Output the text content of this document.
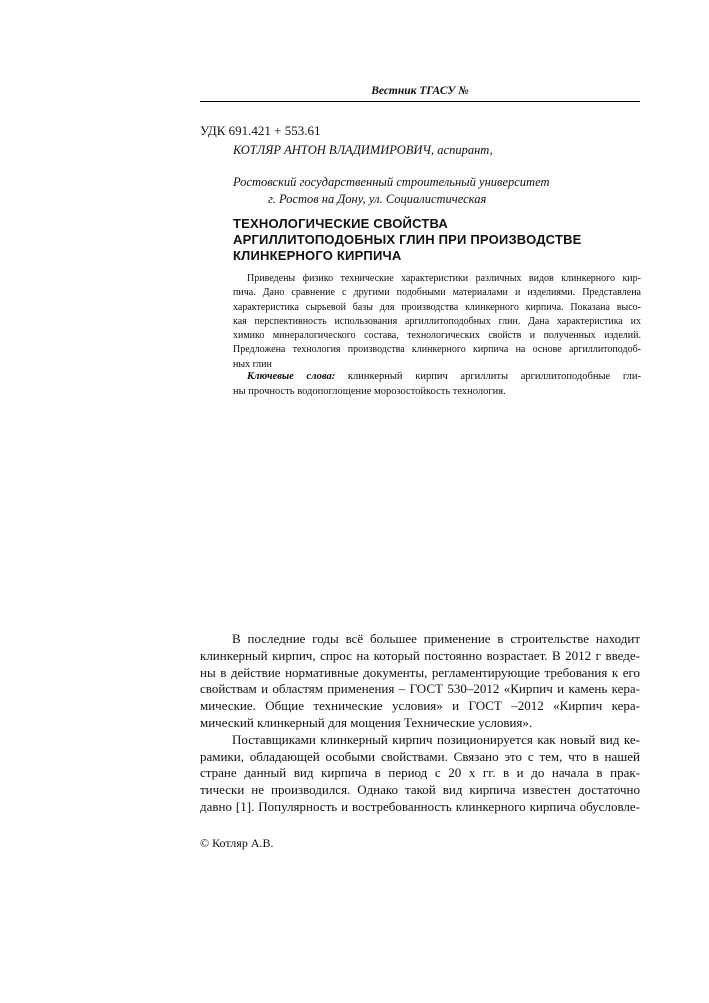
Вестник ТГАСУ №
УДК 691.421 + 553.61
КОТЛЯР АНТОН ВЛАДИМИРОВИЧ, аспирант,
Ростовский государственный строительный университет
г. Ростов на Дону, ул. Социалистическая
ТЕХНОЛОГИЧЕСКИЕ СВОЙСТВА
АРГИЛЛИТОПОДОБНЫХ ГЛИН ПРИ ПРОИЗВОДСТВЕ
КЛИНКЕРНОГО КИРПИЧА
Приведены физико технические характеристики различных видов клинкерного кир-
пича. Дано сравнение с другими подобными материалами и изделиями. Представлена
характеристика сырьевой базы для производства клинкерного кирпича. Показана высо-
кая перспективность использования аргиллитоподобных глин. Дана характеристика их
химико минералогического состава, технологических свойств и полученных изделий.
Предложена технология производства клинкерного кирпича на основе аргиллитоподоб-
ных глин
Ключевые слова: клинкерный кирпич аргиллиты аргиллитоподобные гли-
ны прочность водопоглощение морозостойкость технология.
В последние годы всё большее применение в строительстве находит
клинкерный кирпич, спрос на который постоянно возрастает. В 2012 г введе-
ны в действие нормативные документы, регламентирующие требования к его
свойствам и областям применения – ГОСТ 530–2012 «Кирпич и камень керa-
мические. Общие технические условия» и ГОСТ –2012 «Кирпич кера-
мический клинкерный для мощения Технические условия».
Поставщиками клинкерный кирпич позиционируется как новый вид ке-
рамики, обладающей особыми свойствами. Связано это с тем, что в нашей
стране данный вид кирпича в период с 20 х гг. в и до начала в прак-
тически не производился. Однако такой вид кирпича известен достаточно
давно [1]. Популярность и востребованность клинкерного кирпича обусловле-
© Котляр А.В.
